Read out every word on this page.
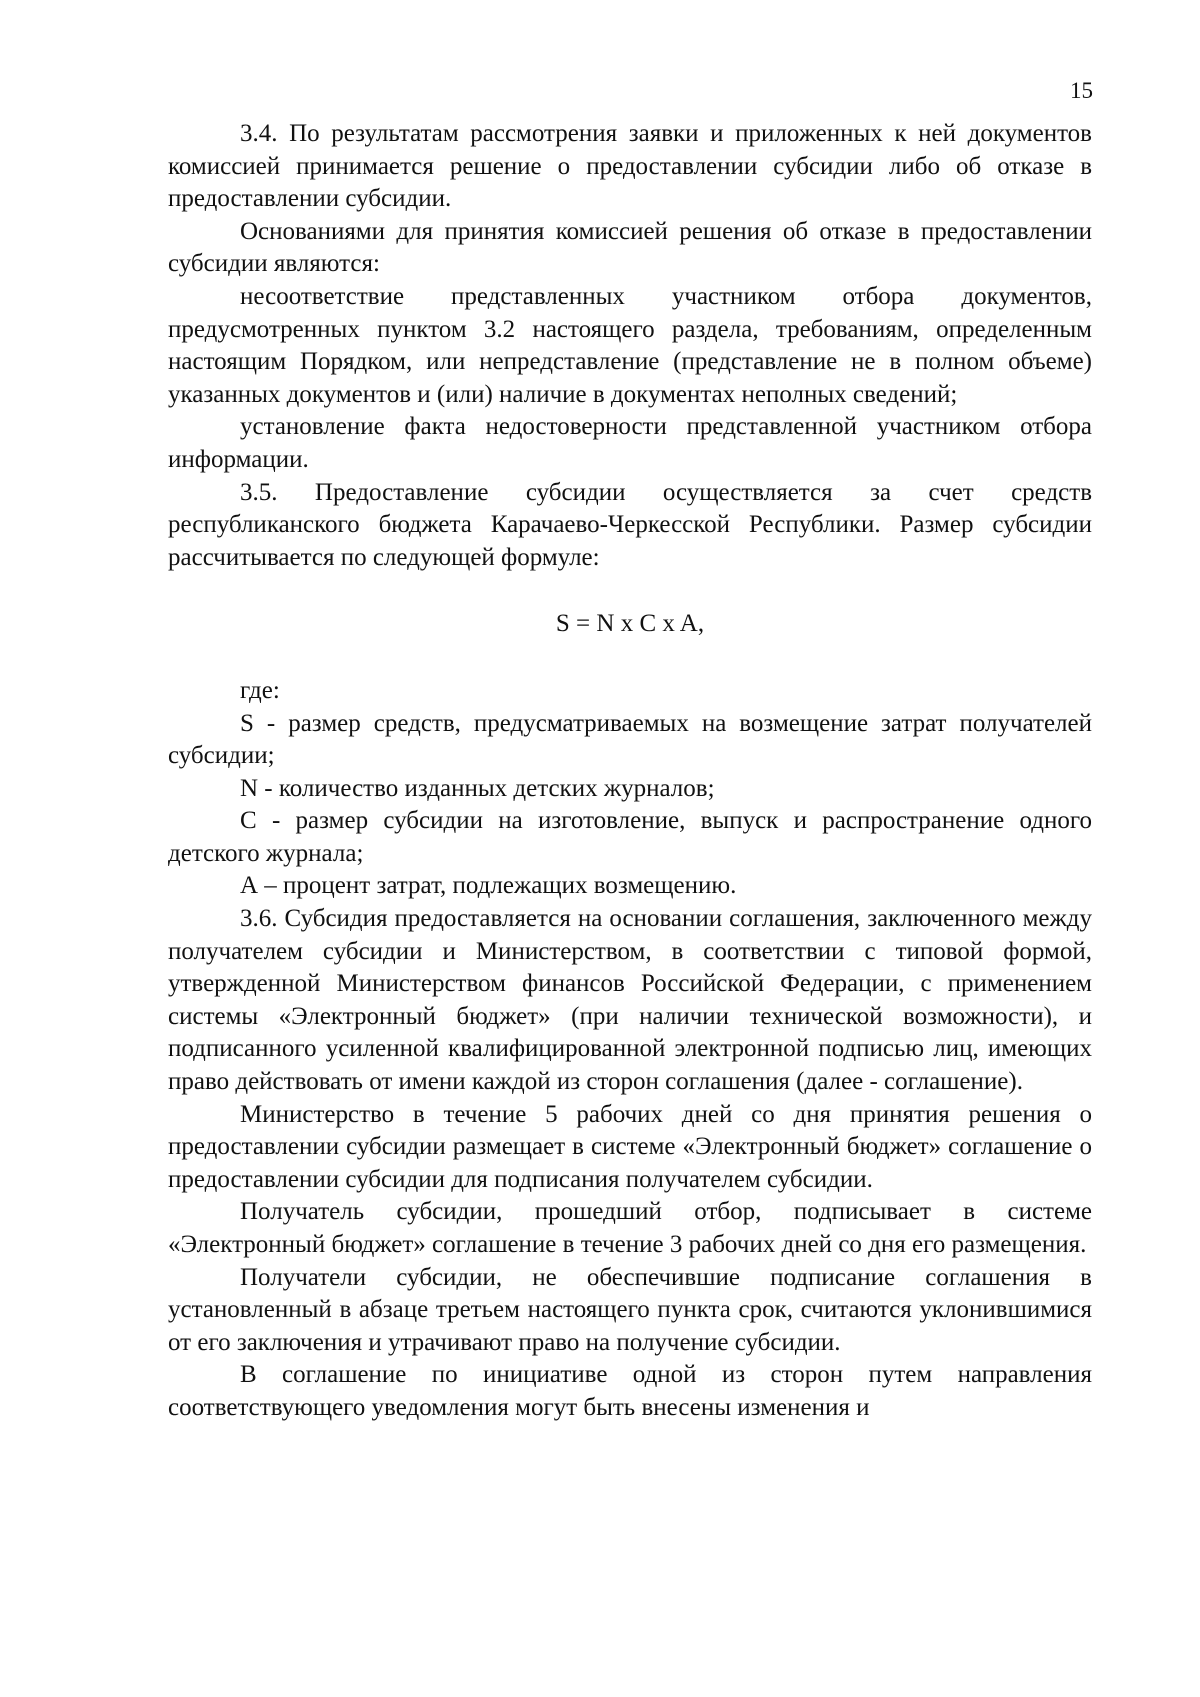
15

3.4. По результатам рассмотрения заявки и приложенных к ней документов комиссией принимается решение о предоставлении субсидии либо об отказе в предоставлении субсидии.

Основаниями для принятия комиссией решения об отказе в предоставлении субсидии являются:

несоответствие представленных участником отбора документов, предусмотренных пунктом 3.2 настоящего раздела, требованиям, определенным настоящим Порядком, или непредставление (представление не в полном объеме) указанных документов и (или) наличие в документах неполных сведений;

установление факта недостоверности представленной участником отбора информации.

3.5. Предоставление субсидии осуществляется за счет средств республиканского бюджета Карачаево-Черкесской Республики. Размер субсидии рассчитывается по следующей формуле:

S = N x C x A,

где:

S - размер средств, предусматриваемых на возмещение затрат получателей субсидии;

N - количество изданных детских журналов;

С - размер субсидии на изготовление, выпуск и распространение одного детского журнала;

А – процент затрат, подлежащих возмещению.

3.6. Субсидия предоставляется на основании соглашения, заключенного между получателем субсидии и Министерством, в соответствии с типовой формой, утвержденной Министерством финансов Российской Федерации, с применением системы «Электронный бюджет» (при наличии технической возможности), и подписанного усиленной квалифицированной электронной подписью лиц, имеющих право действовать от имени каждой из сторон соглашения (далее - соглашение).

Министерство в течение 5 рабочих дней со дня принятия решения о предоставлении субсидии размещает в системе «Электронный бюджет» соглашение о предоставлении субсидии для подписания получателем субсидии.

Получатель субсидии, прошедший отбор, подписывает в системе «Электронный бюджет» соглашение в течение 3 рабочих дней со дня его размещения.

Получатели субсидии, не обеспечившие подписание соглашения в установленный в абзаце третьем настоящего пункта срок, считаются уклонившимися от его заключения и утрачивают право на получение субсидии.

В соглашение по инициативе одной из сторон путем направления соответствующего уведомления могут быть внесены изменения и
